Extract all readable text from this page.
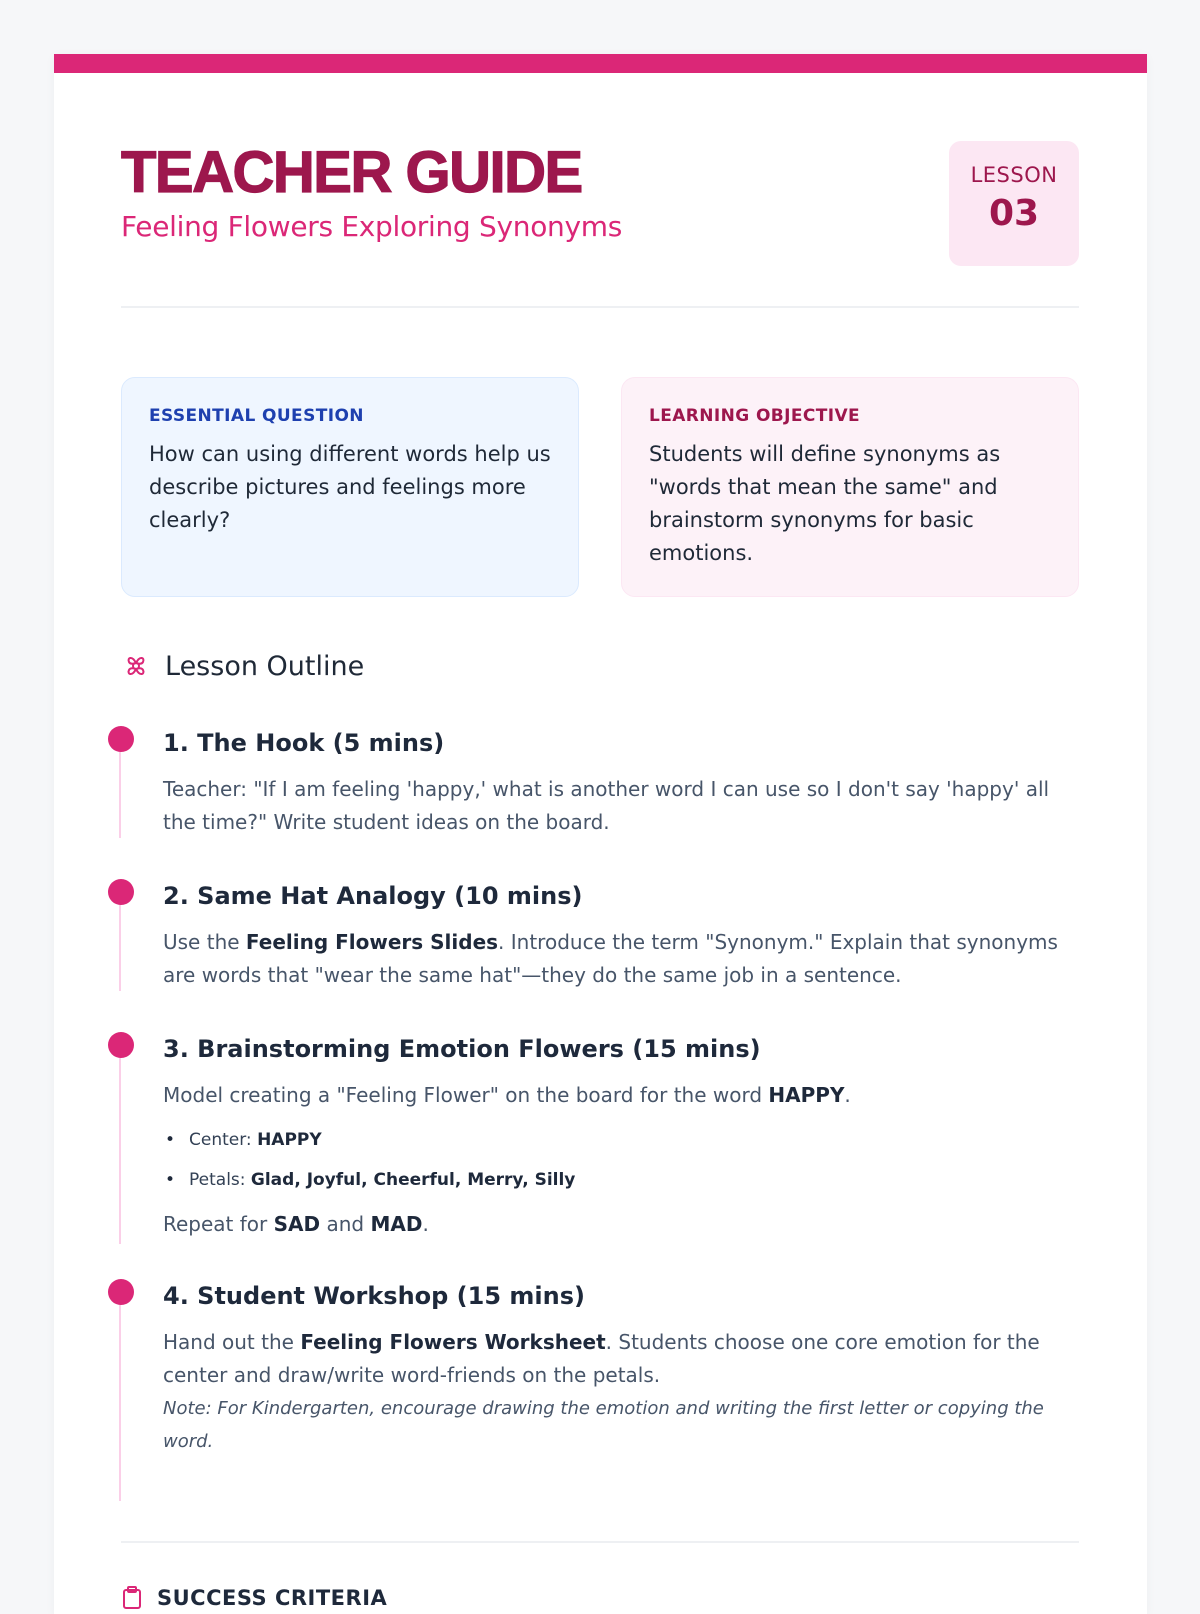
TEACHER GUIDE
Feeling Flowers Exploring Synonyms
LESSON
03
ESSENTIAL QUESTION
How can using different words help us describe pictures and feelings more clearly?
LEARNING OBJECTIVE
Students will define synonyms as "words that mean the same" and brainstorm synonyms for basic emotions.
Lesson Outline
1. The Hook (5 mins)
Teacher: "If I am feeling 'happy,' what is another word I can use so I don't say 'happy' all the time?" Write student ideas on the board.
2. Same Hat Analogy (10 mins)
Use the Feeling Flowers Slides. Introduce the term "Synonym." Explain that synonyms are words that "wear the same hat"—they do the same job in a sentence.
3. Brainstorming Emotion Flowers (15 mins)
Model creating a "Feeling Flower" on the board for the word HAPPY.
• Center: HAPPY
• Petals: Glad, Joyful, Cheerful, Merry, Silly
Repeat for SAD and MAD.
4. Student Workshop (15 mins)
Hand out the Feeling Flowers Worksheet. Students choose one core emotion for the center and draw/write word-friends on the petals.
Note: For Kindergarten, encourage drawing the emotion and writing the first letter or copying the word.
SUCCESS CRITERIA
